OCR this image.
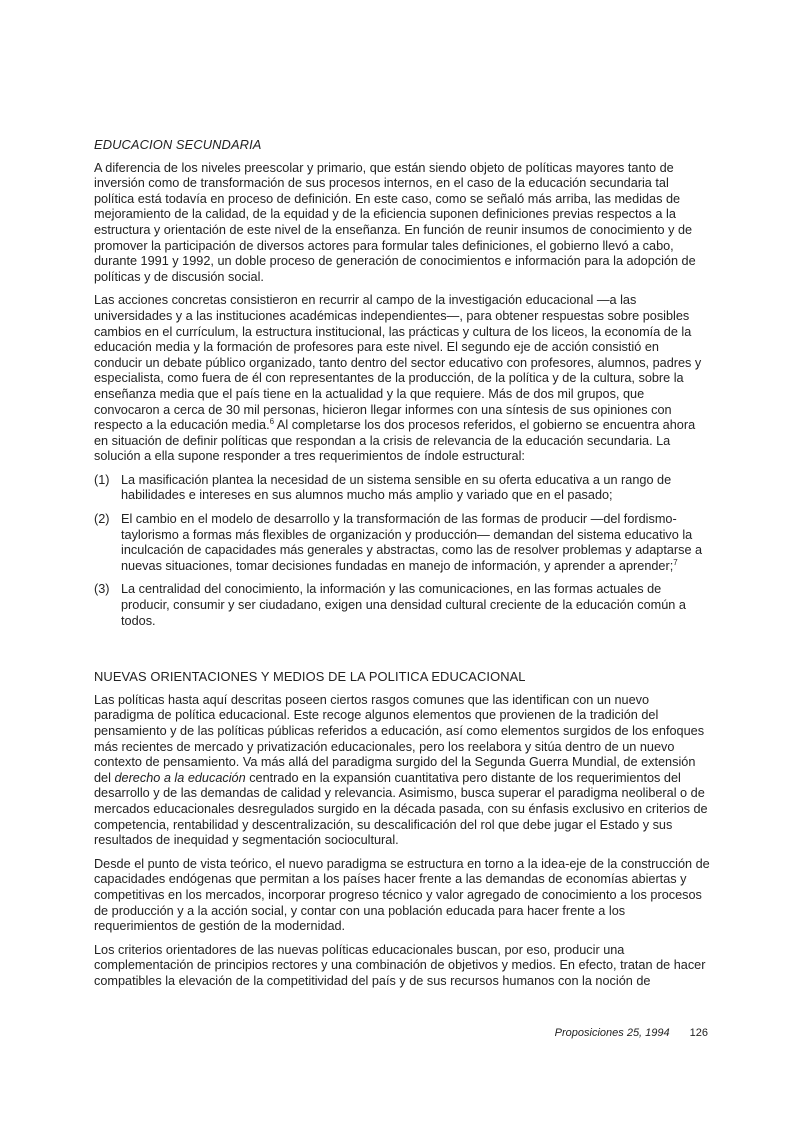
EDUCACION SECUNDARIA

A diferencia de los niveles preescolar y primario, que están siendo objeto de políticas mayores tanto de inversión como de transformación de sus procesos internos, en el caso de la educación secundaria tal política está todavía en proceso de definición. En este caso, como se señaló más arriba, las medidas de mejoramiento de la calidad, de la equidad y de la eficiencia suponen definiciones previas respectos a la estructura y orientación de este nivel de la enseñanza. En función de reunir insumos de conocimiento y de promover la participación de diversos actores para formular tales definiciones, el gobierno llevó a cabo, durante 1991 y 1992, un doble proceso de generación de conocimientos e información para la adopción de políticas y de discusión social.

Las acciones concretas consistieron en recurrir al campo de la investigación educacional —a las universidades y a las instituciones académicas independientes—, para obtener respuestas sobre posibles cambios en el currículum, la estructura institucional, las prácticas y cultura de los liceos, la economía de la educación media y la formación de profesores para este nivel. El segundo eje de acción consistió en conducir un debate público organizado, tanto dentro del sector educativo con profesores, alumnos, padres y especialista, como fuera de él con representantes de la producción, de la política y de la cultura, sobre la enseñanza media que el país tiene en la actualidad y la que requiere. Más de dos mil grupos, que convocaron a cerca de 30 mil personas, hicieron llegar informes con una síntesis de sus opiniones con respecto a la educación media.$^6$ Al completarse los dos procesos referidos, el gobierno se encuentra ahora en situación de definir políticas que respondan a la crisis de relevancia de la educación secundaria. La solución a ella supone responder a tres requerimientos de índole estructural:

(1) La masificación plantea la necesidad de un sistema sensible en su oferta educativa a un rango de habilidades e intereses en sus alumnos mucho más amplio y variado que en el pasado;
(2) El cambio en el modelo de desarrollo y la transformación de las formas de producir —del fordismo-taylorismo a formas más flexibles de organización y producción— demandan del sistema educativo la inculcación de capacidades más generales y abstractas, como las de resolver problemas y adaptarse a nuevas situaciones, tomar decisiones fundadas en manejo de información, y aprender a aprender;$^7$
(3) La centralidad del conocimiento, la información y las comunicaciones, en las formas actuales de producir, consumir y ser ciudadano, exigen una densidad cultural creciente de la educación común a todos.
NUEVAS ORIENTACIONES Y MEDIOS DE LA POLITICA EDUCACIONAL

Las políticas hasta aquí descritas poseen ciertos rasgos comunes que las identifican con un nuevo paradigma de política educacional. Este recoge algunos elementos que provienen de la tradición del pensamiento y de las políticas públicas referidos a educación, así como elementos surgidos de los enfoques más recientes de mercado y privatización educacionales, pero los reelabora y sitúa dentro de un nuevo contexto de pensamiento. Va más allá del paradigma surgido del la Segunda Guerra Mundial, de extensión del derecho a la educación centrado en la expansión cuantitativa pero distante de los requerimientos del desarrollo y de las demandas de calidad y relevancia. Asimismo, busca superar el paradigma neoliberal o de mercados educacionales desregulados surgido en la década pasada, con su énfasis exclusivo en criterios de competencia, rentabilidad y descentralización, su descalificación del rol que debe jugar el Estado y sus resultados de inequidad y segmentación sociocultural.

Desde el punto de vista teórico, el nuevo paradigma se estructura en torno a la idea-eje de la construcción de capacidades endógenas que permitan a los países hacer frente a las demandas de economías abiertas y competitivas en los mercados, incorporar progreso técnico y valor agregado de conocimiento a los procesos de producción y a la acción social, y contar con una población educada para hacer frente a los requerimientos de gestión de la modernidad.

Los criterios orientadores de las nuevas políticas educacionales buscan, por eso, producir una complementación de principios rectores y una combinación de objetivos y medios. En efecto, tratan de hacer compatibles la elevación de la competitividad del país y de sus recursos humanos con la noción de

Proposiciones 25, 1994 126
